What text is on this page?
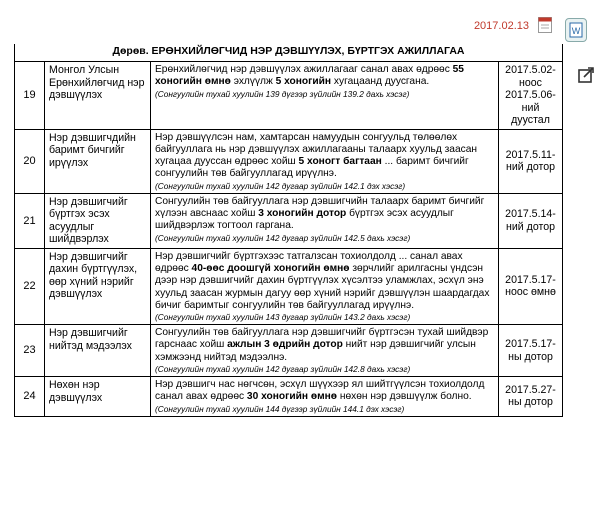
2017.02.13	W
Дөрөв. ЕРӨНХИЙЛӨГЧИД НЭР ДЭВШҮҮЛЭХ, БҮРТГЭХ АЖИЛЛАГАА			
19	Монгол Улсын Ерөнхийлөгчид нэр дэвшүүлэх	Ерөнхийлөгчид нэр дэвшүүлэх ажиллагааг санал авах өдрөөс 55 хоногийн өмнө эхлүүлж 5 хоногийн хугацаанд дуусгана.
(Сонгуулийн тухай хуулийн 139 дүгээр зүйлийн 139.2 дахь хэсэг)	2017.5.02-ноос 2017.5.06-ний дуустал
20	Нэр дэвшигчдийн баримт бичгийг ирүүлэх	Нэр дэвшүүлсэн нам, хамтарсан намуудын сонгуульд төлөөлөх байгууллага нь нэр дэвшүүлэх ажиллагааны талаарх хуульд заасан хугацаа дууссан өдрөөс хойш 5 хоногт багтаан ... баримт бичгийг сонгуулийн төв байгууллагад ирүүлнэ.
(Сонгуулийн тухай хуулийн 142 дугаар зүйлийн 142.1 дэх хэсэг)	2017.5.11-ний дотор
21	Нэр дэвшигчийг бүртгэх эсэх асуудлыг шийдвэрлэх	Сонгуулийн төв байгууллага нэр дэвшигчийн талаарх баримт бичгийг хүлээн авснаас хойш 3 хоногийн дотор бүртгэх эсэх асуудлыг шийдвэрлэж тогтоол гаргана.
(Сонгуулийн тухай хуулийн 142 дугаар зүйлийн 142.5 дахь хэсэг)	2017.5.14-ний дотор
22	Нэр дэвшигчийг дахин бүртгүүлэх, өөр хүний нэрийг дэвшүүлэх	Нэр дэвшигчийг бүртгэхээс татгалзсан тохиолдолд ... санал авах өдрөөс 40-өөс доошгүй хоногийн өмнө зөрчлийг арилгасны үндсэн дээр нэр дэвшигчийг дахин бүртгүүлэх хүсэлтээ уламжлах, эсхүл энэ хуульд заасан журмын дагуу өөр хүний нэрийг дэвшүүлэн шаардагдах бичиг баримтыг сонгуулийн төв байгууллагад ирүүлнэ.
(Сонгуулийн тухай хуулийн 143 дугаар зүйлийн 143.2 дахь хэсэг)	2017.5.17-ноос өмнө
23	Нэр дэвшигчийг нийтэд мэдээлэх	Сонгуулийн төв байгууллага нэр дэвшигчийг бүртгэсэн тухай шийдвэр гарснаас хойш ажлын 3 өдрийн дотор нийт нэр дэвшигчийг улсын хэмжээнд нийтэд мэдээлнэ.
(Сонгуулийн тухай хуулийн 142 дугаар зүйлийн 142.8 дахь хэсэг)	2017.5.17-ны дотор
24	Нөхөн нэр дэвшүүлэх	Нэр дэвшигч нас нөгчсөн, эсхүл шүүхээр ял шийтгүүлсэн тохиолдолд санал авах өдрөөс 30 хоногийн өмнө нөхөн нэр дэвшүүлж болно.
(Сонгуулийн тухай хуулийн 144 дүгээр зүйлийн 144.1 дэх хэсэг)	2017.5.27-ны дотор
